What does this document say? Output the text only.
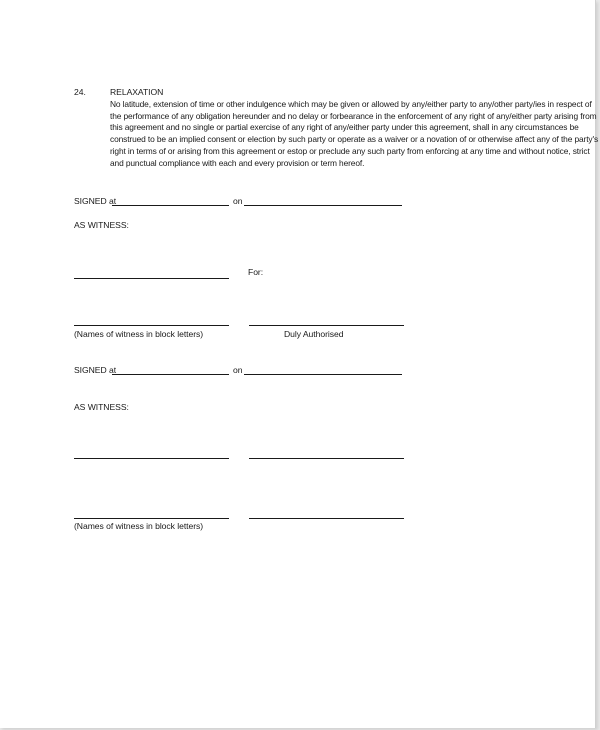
24.	RELAXATION
No latitude, extension of time or other indulgence which may be given or allowed by any/either party to any/other party/ies in respect of
the performance of any obligation hereunder and no delay or forbearance in the enforcement of any right of any/either party arising from
this agreement and no single or partial exercise of any right of any/either party under this agreement, shall in any circumstances be
construed to be an implied consent or election by such party or operate as a waiver or a novation of or otherwise affect any of the party's
right in terms of or arising from this agreement or estop or preclude any such party from enforcing at any time and without notice, strict
and punctual compliance with each and every provision or term hereof.
SIGNED at	on
AS WITNESS:
For:
(Names of witness in block letters)	Duly Authorised
SIGNED at	on
AS WITNESS:
(Names of witness in block letters)
